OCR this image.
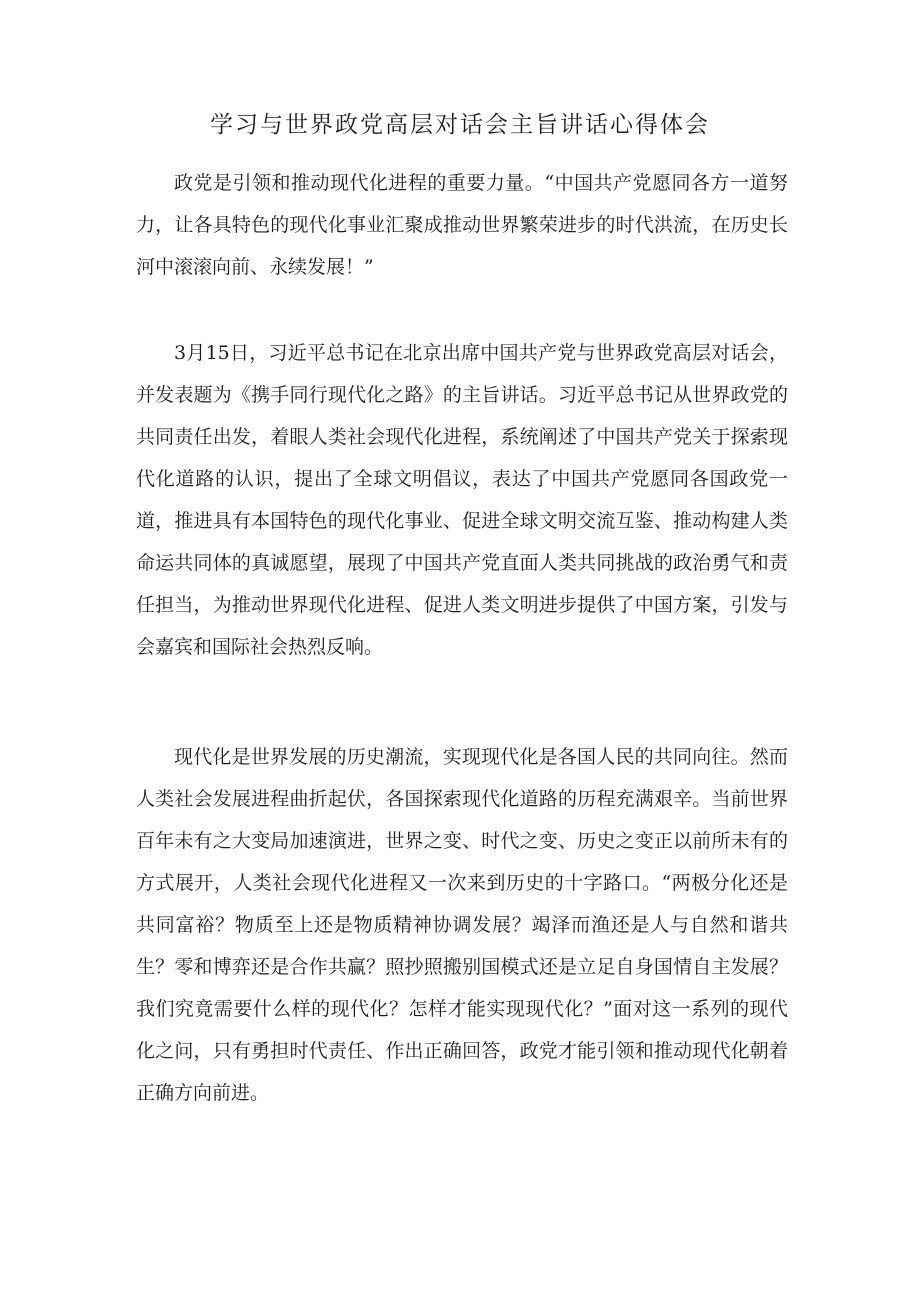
学习与世界政党高层对话会主旨讲话心得体会

政党是引领和推动现代化进程的重要力量。“中国共产党愿同各方一道努力，让各具特色的现代化事业汇聚成推动世界繁荣进步的时代洪流，在历史长河中滚滚向前、永续发展！”

3月15日，习近平总书记在北京出席中国共产党与世界政党高层对话会，并发表题为《携手同行现代化之路》的主旨讲话。习近平总书记从世界政党的共同责任出发，着眼人类社会现代化进程，系统阐述了中国共产党关于探索现代化道路的认识，提出了全球文明倡议，表达了中国共产党愿同各国政党一道，推进具有本国特色的现代化事业、促进全球文明交流互鉴、推动构建人类命运共同体的真诚愿望，展现了中国共产党直面人类共同挑战的政治勇气和责任担当，为推动世界现代化进程、促进人类文明进步提供了中国方案，引发与会嘉宾和国际社会热烈反响。

现代化是世界发展的历史潮流，实现现代化是各国人民的共同向往。然而人类社会发展进程曲折起伏，各国探索现代化道路的历程充满艰辛。当前世界百年未有之大变局加速演进，世界之变、时代之变、历史之变正以前所未有的方式展开，人类社会现代化进程又一次来到历史的十字路口。“两极分化还是共同富裕？物质至上还是物质精神协调发展？竭泽而渔还是人与自然和谐共生？零和博弈还是合作共赢？照抄照搬别国模式还是立足自身国情自主发展？我们究竟需要什么样的现代化？怎样才能实现现代化？”面对这一系列的现代化之问，只有勇担时代责任、作出正确回答，政党才能引领和推动现代化朝着正确方向前进。
